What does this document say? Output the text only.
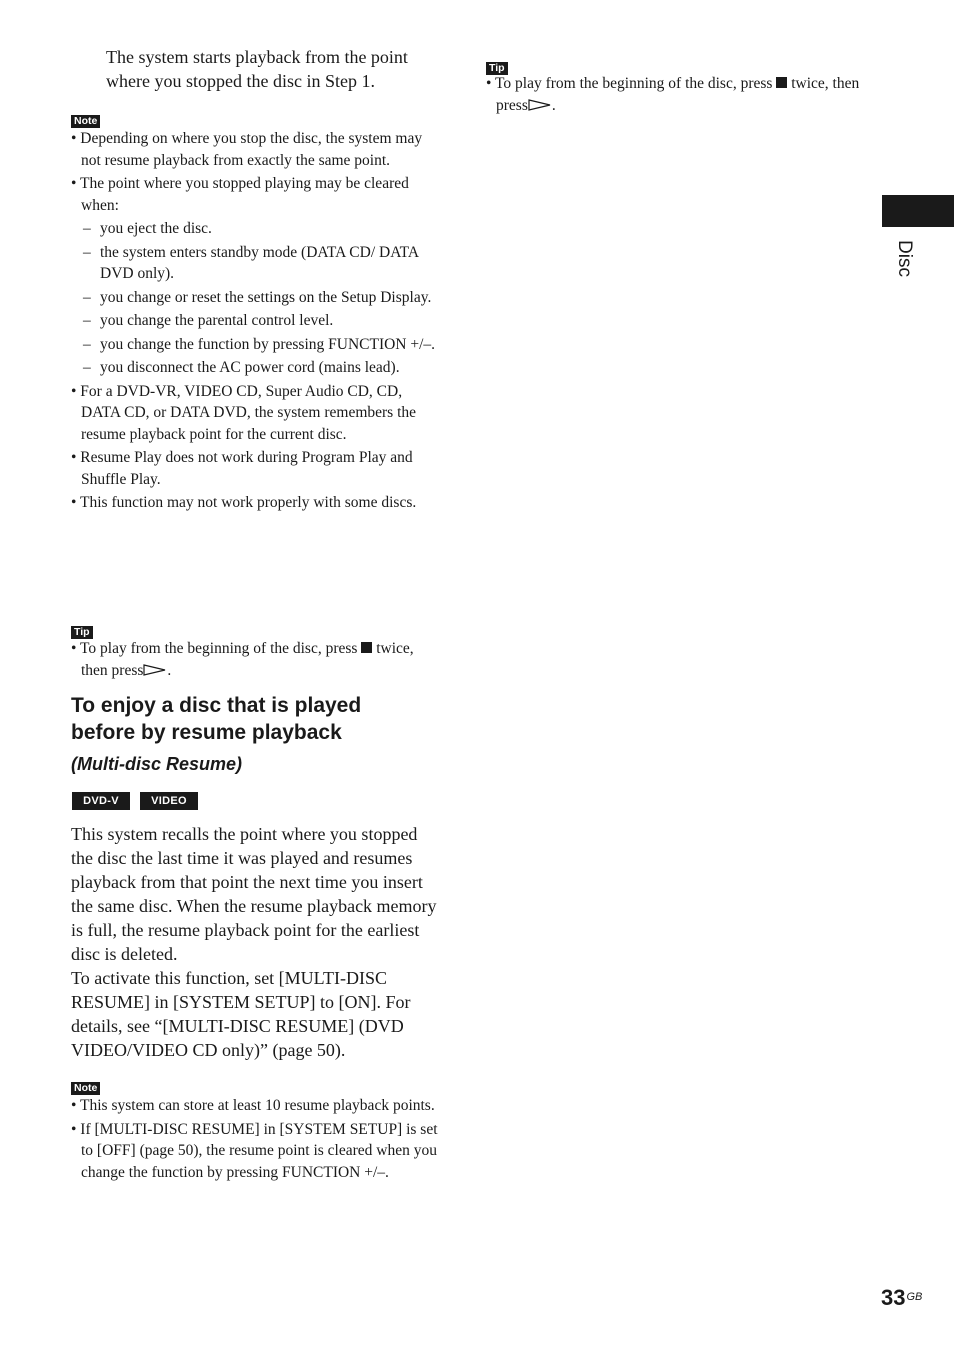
The system starts playback from the point where you stopped the disc in Step 1.
Note
• Depending on where you stop the disc, the system may not resume playback from exactly the same point.
• The point where you stopped playing may be cleared when:
– you eject the disc.
– the system enters standby mode (DATA CD/ DATA DVD only).
– you change or reset the settings on the Setup Display.
– you change the parental control level.
– you change the function by pressing FUNCTION +/–.
– you disconnect the AC power cord (mains lead).
• For a DVD-VR, VIDEO CD, Super Audio CD, CD, DATA CD, or DATA DVD, the system remembers the resume playback point for the current disc.
• Resume Play does not work during Program Play and Shuffle Play.
• This function may not work properly with some discs.
Tip
• To play from the beginning of the disc, press twice, then press .
To enjoy a disc that is played
before by resume playback
(Multi-disc Resume)
DVD-V	VIDEO CD
This system recalls the point where you stopped the disc the last time it was played and resumes playback from that point the next time you insert the same disc. When the resume playback memory is full, the resume playback point for the earliest disc is deleted.
To activate this function, set [MULTI-DISC RESUME] in [SYSTEM SETUP] to [ON]. For details, see “[MULTI-DISC RESUME] (DVD VIDEO/VIDEO CD only)” (page 50).
Note
• This system can store at least 10 resume playback points.
• If [MULTI-DISC RESUME] in [SYSTEM SETUP] is set to [OFF] (page 50), the resume point is cleared when you change the function by pressing FUNCTION +/–.
Tip
• To play from the beginning of the disc, press twice, then press .
Disc
$33^{GB}$
